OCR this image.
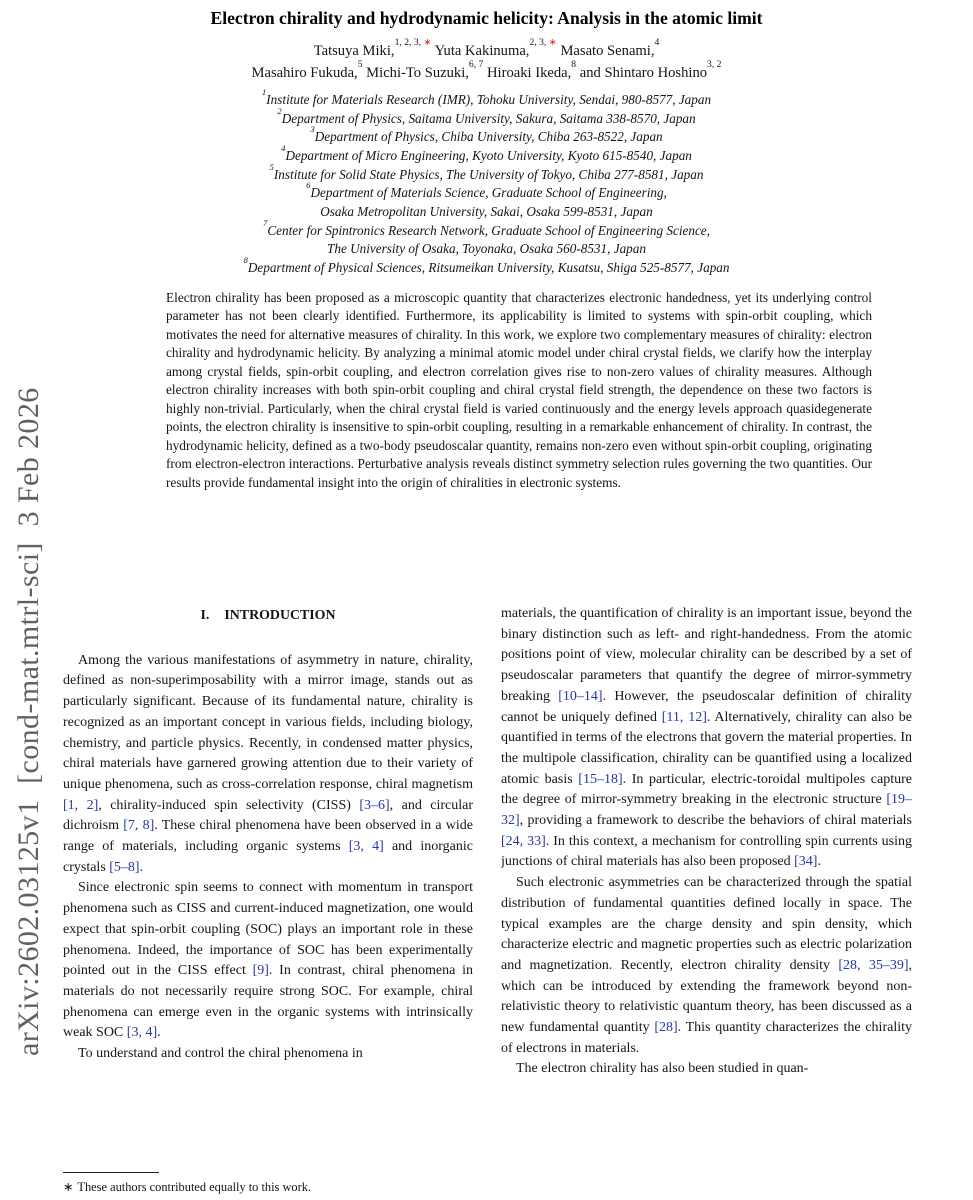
arXiv:2602.03125v1  [cond-mat.mtrl-sci]  3 Feb 2026
Electron chirality and hydrodynamic helicity: Analysis in the atomic limit
Tatsuya Miki,$^{1, 2, 3,}$ ∗ Yuta Kakinuma,$^{2, 3,}$ ∗ Masato Senami,$^4$
Masahiro Fukuda,$^5$ Michi-To Suzuki,$^{6, 7}$ Hiroaki Ikeda,$^8$ and Shintaro Hoshino$^{3, 2}$
$^1$Institute for Materials Research (IMR), Tohoku University, Sendai, 980-8577, Japan
$^2$Department of Physics, Saitama University, Sakura, Saitama 338-8570, Japan
$^3$Department of Physics, Chiba University, Chiba 263-8522, Japan
$^4$Department of Micro Engineering, Kyoto University, Kyoto 615-8540, Japan
$^5$Institute for Solid State Physics, The University of Tokyo, Chiba 277-8581, Japan
$^6$Department of Materials Science, Graduate School of Engineering,
Osaka Metropolitan University, Sakai, Osaka 599-8531, Japan
$^7$Center for Spintronics Research Network, Graduate School of Engineering Science,
The University of Osaka, Toyonaka, Osaka 560-8531, Japan
$^8$Department of Physical Sciences, Ritsumeikan University, Kusatsu, Shiga 525-8577, Japan
Electron chirality has been proposed as a microscopic quantity that characterizes electronic handedness, yet its underlying control parameter has not been clearly identified. Furthermore, its applicability is limited to systems with spin-orbit coupling, which motivates the need for alternative measures of chirality. In this work, we explore two complementary measures of chirality: electron chirality and hydrodynamic helicity. By analyzing a minimal atomic model under chiral crystal fields, we clarify how the interplay among crystal fields, spin-orbit coupling, and electron correlation gives rise to non-zero values of chirality measures. Although electron chirality increases with both spin-orbit coupling and chiral crystal field strength, the dependence on these two factors is highly non-trivial. Particularly, when the chiral crystal field is varied continuously and the energy levels approach quasidegenerate points, the electron chirality is insensitive to spin-orbit coupling, resulting in a remarkable enhancement of chirality. In contrast, the hydrodynamic helicity, defined as a two-body pseudoscalar quantity, remains non-zero even without spin-orbit coupling, originating from electron-electron interactions. Perturbative analysis reveals distinct symmetry selection rules governing the two quantities. Our results provide fundamental insight into the origin of chiralities in electronic systems.
I. INTRODUCTION

Among the various manifestations of asymmetry in nature, chirality, defined as non-superimposability with a mirror image, stands out as particularly significant. Because of its fundamental nature, chirality is recognized as an important concept in various fields, including biology, chemistry, and particle physics. Recently, in condensed matter physics, chiral materials have garnered growing attention due to their variety of unique phenomena, such as cross-correlation response, chiral magnetism [1, 2], chirality-induced spin selectivity (CISS) [3–6], and circular dichroism [7, 8]. These chiral phenomena have been observed in a wide range of materials, including organic systems [3, 4] and inorganic crystals [5–8].

Since electronic spin seems to connect with momentum in transport phenomena such as CISS and current-induced magnetization, one would expect that spin-orbit coupling (SOC) plays an important role in these phenomena. Indeed, the importance of SOC has been experimentally pointed out in the CISS effect [9]. In contrast, chiral phenomena in materials do not necessarily require strong SOC. For example, chiral phenomena can emerge even in the organic systems with intrinsically weak SOC [3, 4].

To understand and control the chiral phenomena in

materials, the quantification of chirality is an important issue, beyond the binary distinction such as left- and right-handedness. From the atomic positions point of view, molecular chirality can be described by a set of pseudoscalar parameters that quantify the degree of mirror-symmetry breaking [10–14]. However, the pseudoscalar definition of chirality cannot be uniquely defined [11, 12]. Alternatively, chirality can also be quantified in terms of the electrons that govern the material properties. In the multipole classification, chirality can be quantified using a localized atomic basis [15–18]. In particular, electric-toroidal multipoles capture the degree of mirror-symmetry breaking in the electronic structure [19–32], providing a framework to describe the behaviors of chiral materials [24, 33]. In this context, a mechanism for controlling spin currents using junctions of chiral materials has also been proposed [34].

Such electronic asymmetries can be characterized through the spatial distribution of fundamental quantities defined locally in space. The typical examples are the charge density and spin density, which characterize electric and magnetic properties such as electric polarization and magnetization. Recently, electron chirality density [28, 35–39], which can be introduced by extending the framework beyond non-relativistic theory to relativistic quantum theory, has been discussed as a new fundamental quantity [28]. This quantity characterizes the chirality of electrons in materials.

The electron chirality has also been studied in quan-

∗ These authors contributed equally to this work.
